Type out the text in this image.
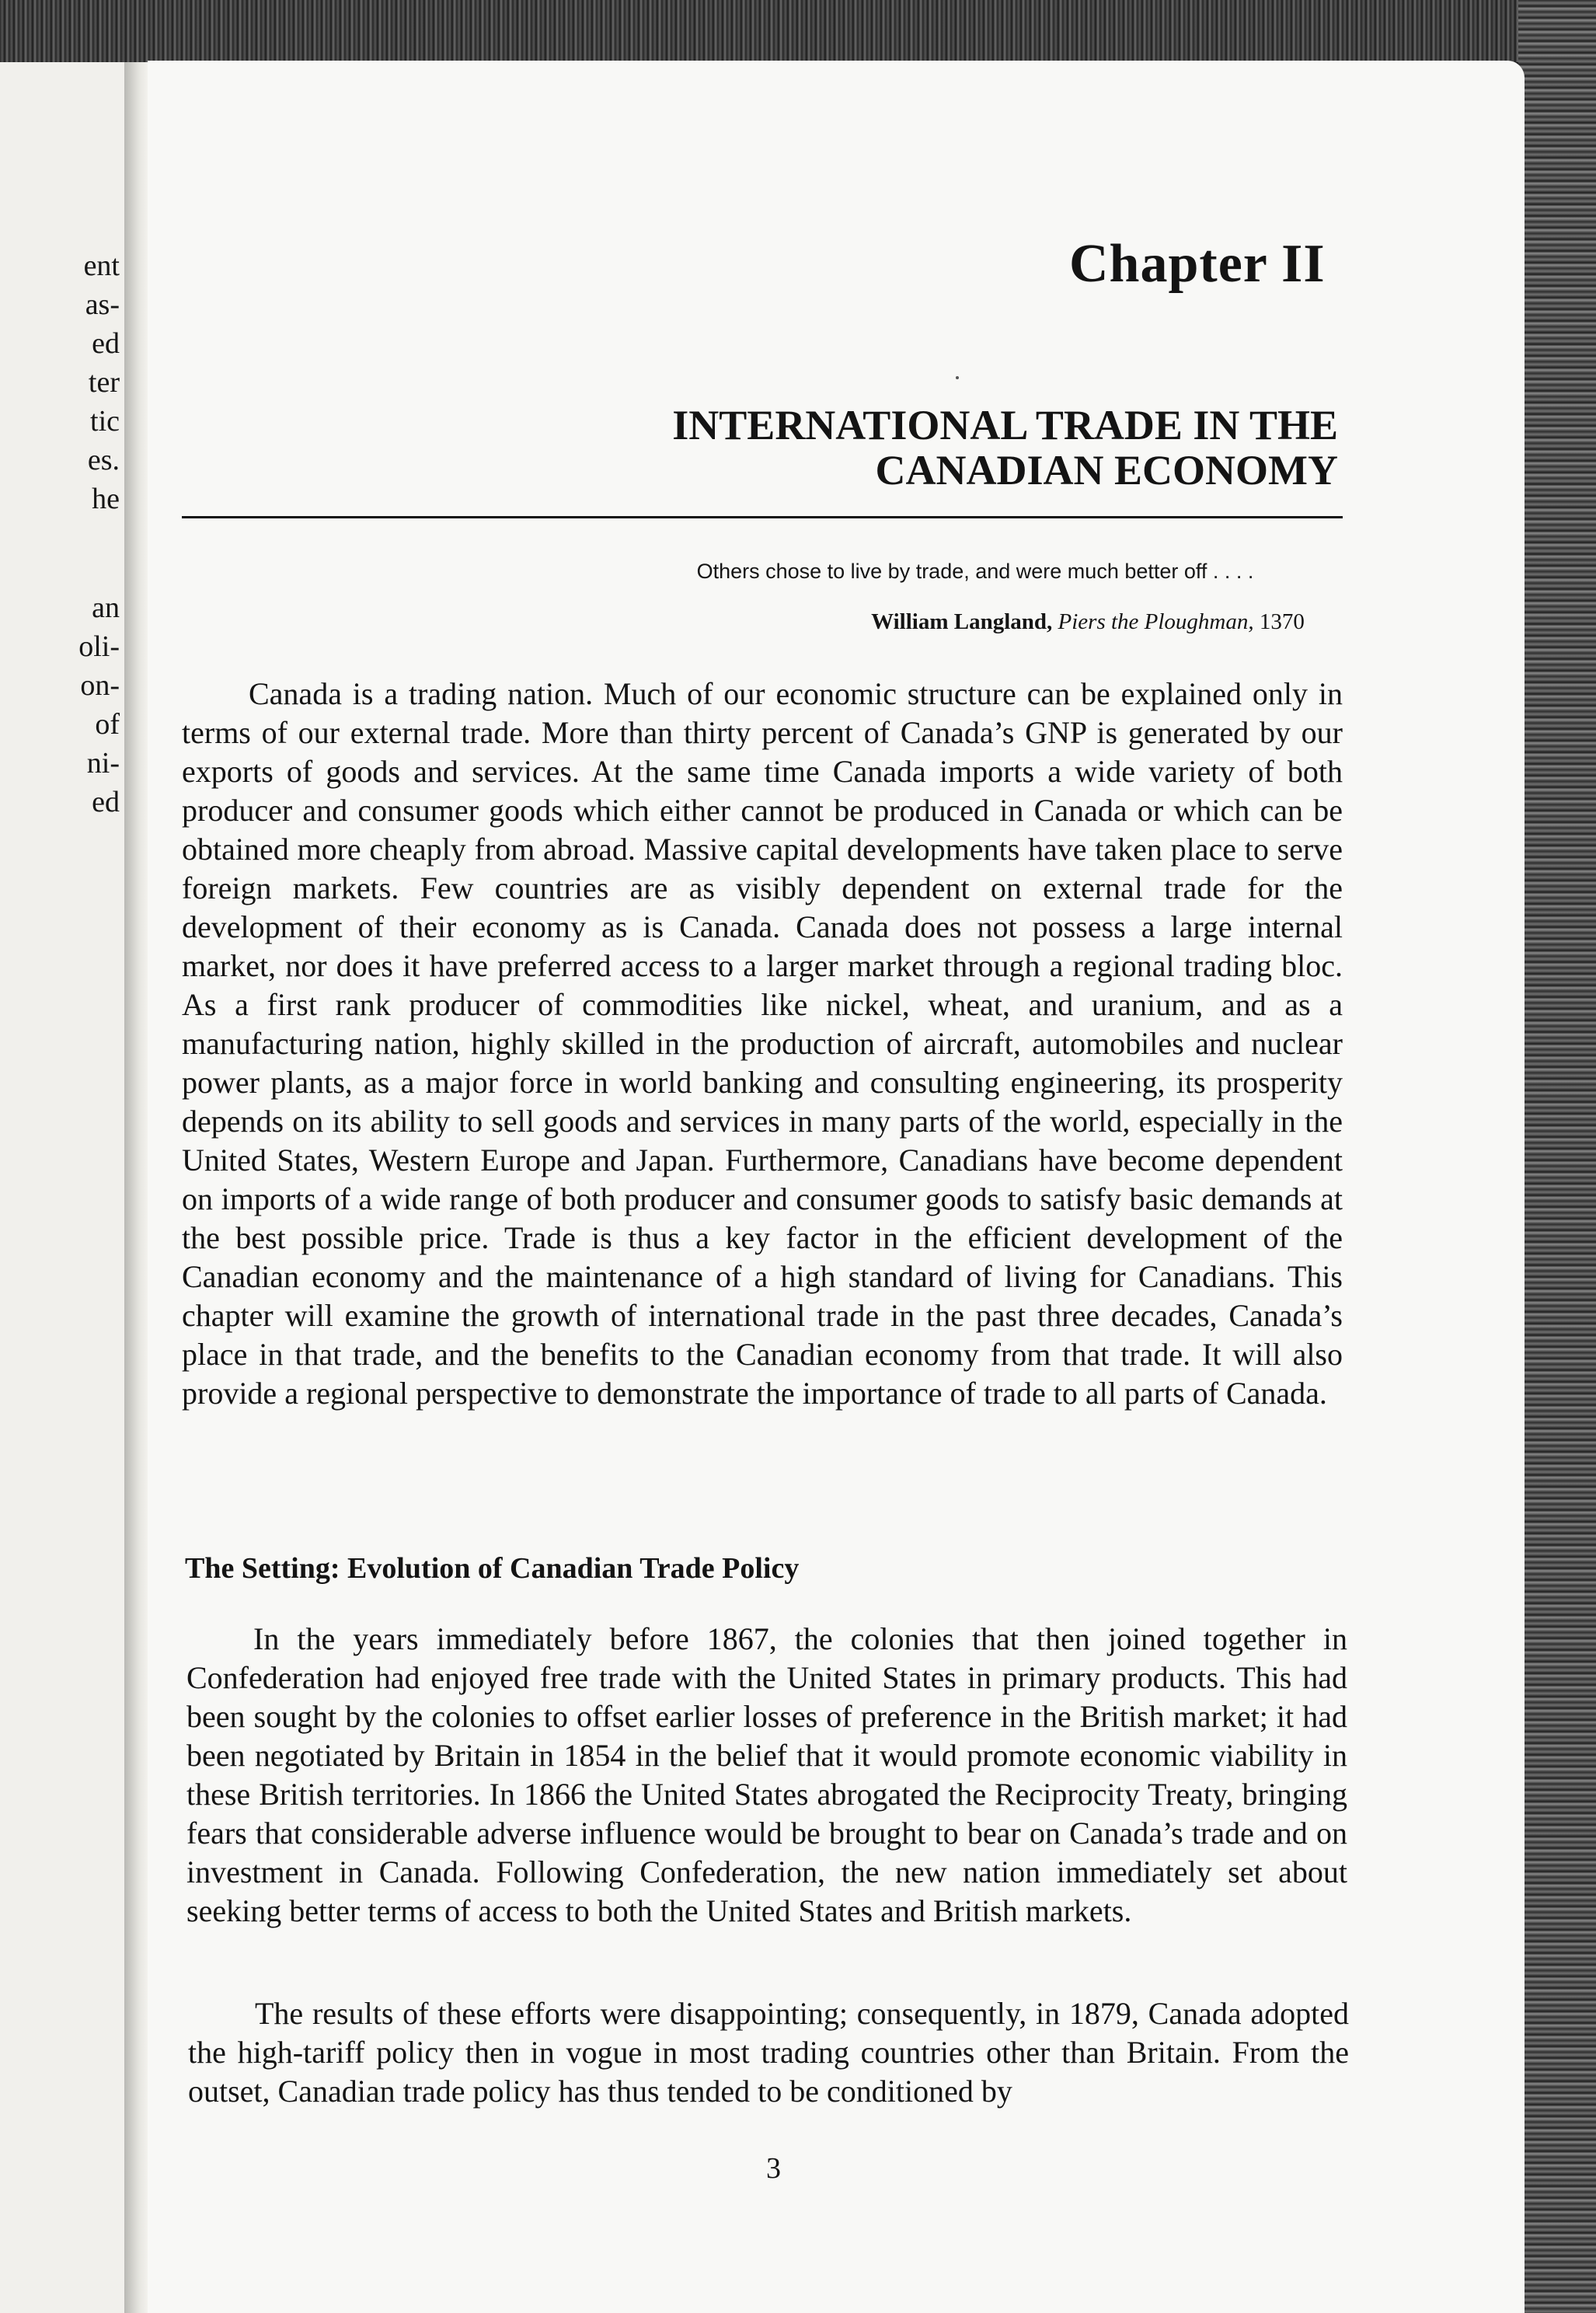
ent
as-
ed
ter
tic
es.
he
an
oli-
on-
of
ni-
ed
Chapter II
INTERNATIONAL TRADE IN THE CANADIAN ECONOMY
Others chose to live by trade, and were much better off . . . .
William Langland, Piers the Ploughman, 1370

Canada is a trading nation. Much of our economic structure can be explained only in terms of our external trade. More than thirty percent of Canada’s GNP is generated by our exports of goods and services. At the same time Canada imports a wide variety of both producer and consumer goods which either cannot be produced in Canada or which can be obtained more cheaply from abroad. Massive capital developments have taken place to serve foreign markets. Few countries are as visibly dependent on external trade for the development of their economy as is Canada. Canada does not possess a large internal market, nor does it have preferred access to a larger market through a regional trading bloc. As a first rank producer of commodities like nickel, wheat, and uranium, and as a manufacturing nation, highly skilled in the production of aircraft, automobiles and nuclear power plants, as a major force in world banking and consulting engineering, its prosperity depends on its ability to sell goods and services in many parts of the world, especially in the United States, Western Europe and Japan. Furthermore, Canadians have become dependent on imports of a wide range of both producer and consumer goods to satisfy basic demands at the best possible price. Trade is thus a key factor in the efficient development of the Canadian economy and the maintenance of a high standard of living for Canadians. This chapter will examine the growth of international trade in the past three decades, Canada’s place in that trade, and the benefits to the Canadian economy from that trade. It will also provide a regional perspective to demonstrate the importance of trade to all parts of Canada.

The Setting: Evolution of Canadian Trade Policy

In the years immediately before 1867, the colonies that then joined together in Confederation had enjoyed free trade with the United States in primary products. This had been sought by the colonies to offset earlier losses of preference in the British market; it had been negotiated by Britain in 1854 in the belief that it would promote economic viability in these British territories. In 1866 the United States abrogated the Reciprocity Treaty, bringing fears that considerable adverse influence would be brought to bear on Canada’s trade and on investment in Canada. Following Confederation, the new nation immediately set about seeking better terms of access to both the United States and British markets.

The results of these efforts were disappointing; consequently, in 1879, Canada adopted the high-tariff policy then in vogue in most trading countries other than Britain. From the outset, Canadian trade policy has thus tended to be conditioned by

3
